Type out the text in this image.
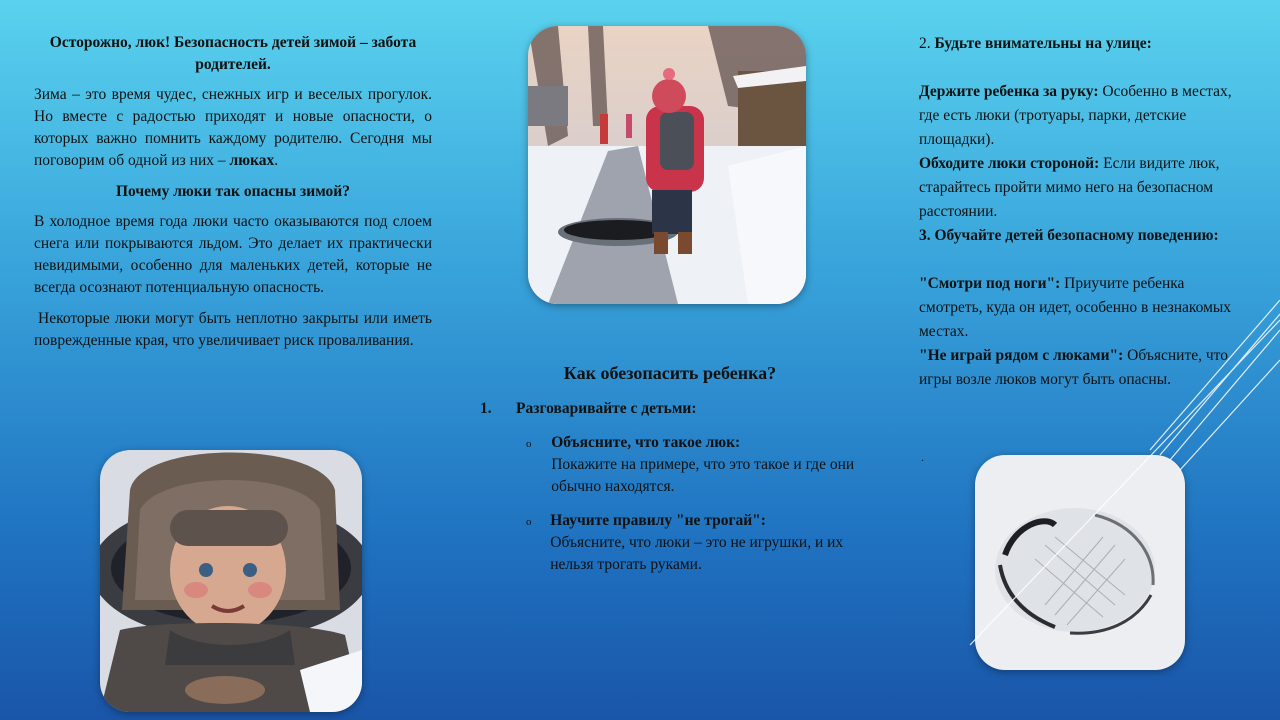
Осторожно, люк! Безопасность детей зимой – забота родителей.

Зима – это время чудес, снежных игр и веселых прогулок. Но вместе с радостью приходят и новые опасности, о которых важно помнить каждому родителю. Сегодня мы поговорим об одной из них – люках.

Почему люки так опасны зимой?

В холодное время года люки часто оказываются под слоем снега или покрываются льдом. Это делает их практически невидимыми, особенно для маленьких детей, которые не всегда осознают потенциальную опасность.

Некоторые люки могут быть неплотно закрыты или иметь поврежденные края, что увеличивает риск проваливания.

Как обезопасить ребенка?

1.	Разговаривайте с детьми:
o	Объясните, что такое люк:
Покажите на примере, что это такое и где они обычно находятся.
o	Научите правилу "не трогай":
Объясните, что люки – это не игрушки, и их нельзя трогать руками.

2. Будьте внимательны на улице:

Держите ребенка за руку: Особенно в местах, где есть люки (тротуары, парки, детские площадки).

Обходите люки стороной: Если видите люк, старайтесь пройти мимо него на безопасном расстоянии.

3. Обучайте детей безопасному поведению:

"Смотри под ноги": Приучите ребенка смотреть, куда он идет, особенно в незнакомых местах.

"Не играй рядом с люками": Объясните, что игры возле люков могут быть опасны.

.
